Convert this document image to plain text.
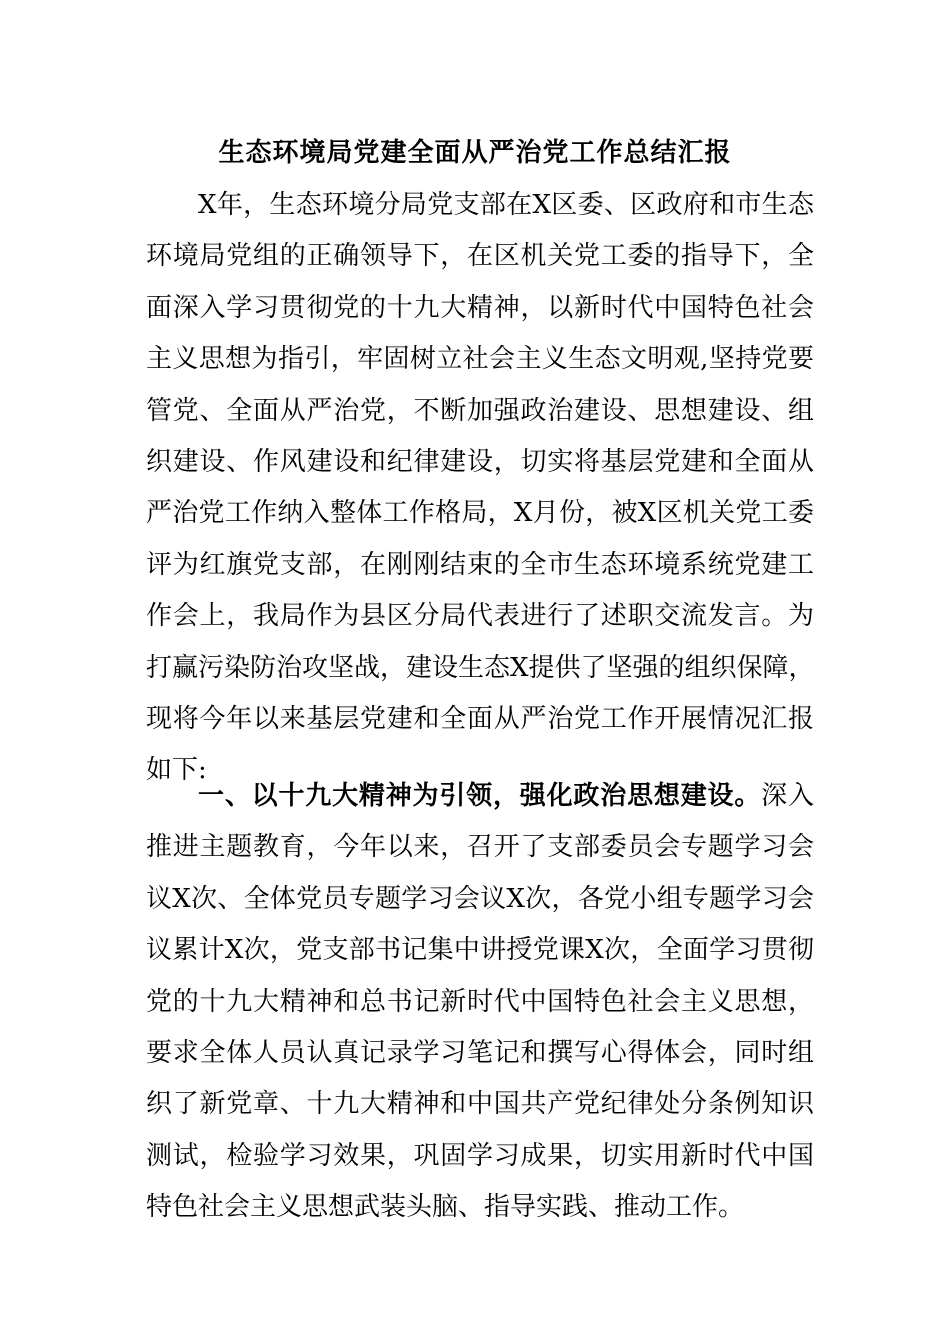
生态环境局党建全面从严治党工作总结汇报
X年，生态环境分局党支部在X区委、区政府和市生态
环境局党组的正确领导下，在区机关党工委的指导下，全
面深入学习贯彻党的十九大精神，以新时代中国特色社会
主义思想为指引，牢固树立社会主义生态文明观,坚持党要
管党、全面从严治党，不断加强政治建设、思想建设、组
织建设、作风建设和纪律建设，切实将基层党建和全面从
严治党工作纳入整体工作格局，X月份，被X区机关党工委
评为红旗党支部，在刚刚结束的全市生态环境系统党建工
作会上，我局作为县区分局代表进行了述职交流发言。为
打赢污染防治攻坚战，建设生态X提供了坚强的组织保障，
现将今年以来基层党建和全面从严治党工作开展情况汇报
如下:
一、以十九大精神为引领，强化政治思想建设。深入
推进主题教育，今年以来，召开了支部委员会专题学习会
议X次、全体党员专题学习会议X次，各党小组专题学习会
议累计X次，党支部书记集中讲授党课X次，全面学习贯彻
党的十九大精神和总书记新时代中国特色社会主义思想，
要求全体人员认真记录学习笔记和撰写心得体会，同时组
织了新党章、十九大精神和中国共产党纪律处分条例知识
测试，检验学习效果，巩固学习成果，切实用新时代中国
特色社会主义思想武装头脑、指导实践、推动工作。
